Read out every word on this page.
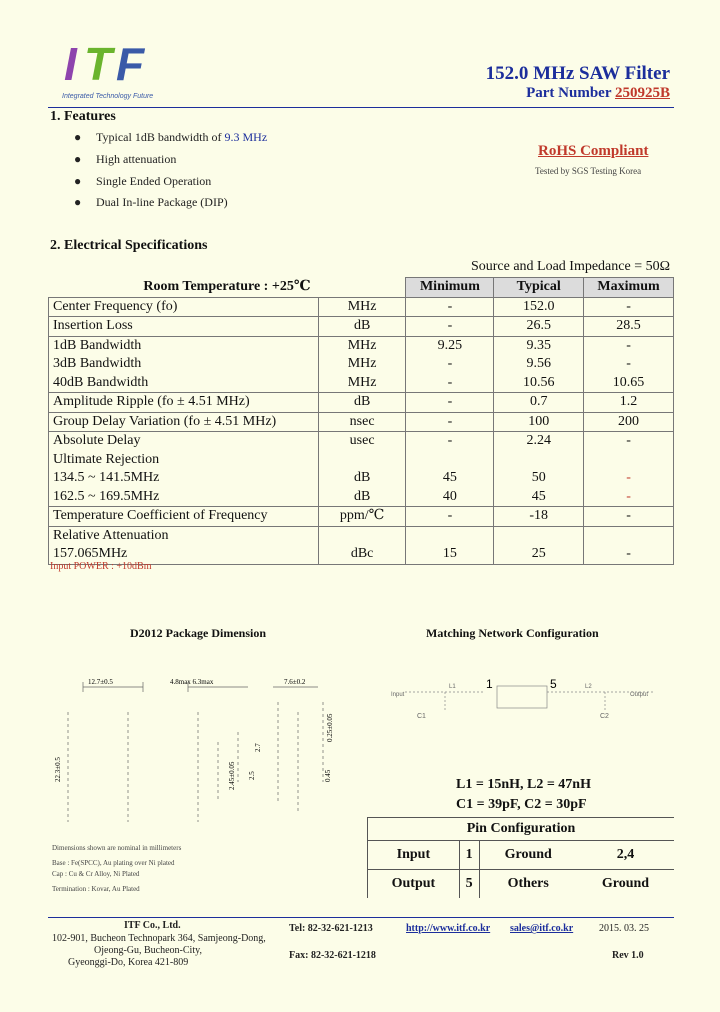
I T F
Integrated Technology Future
152.0 MHz SAW Filter
Part Number 250925B
1. Features
● Typical 1dB bandwidth of 9.3 MHz
● High attenuation
● Single Ended Operation
● Dual In-line Package (DIP)
RoHS Compliant
Tested by SGS Testing Korea
2. Electrical Specifications
Source and Load Impedance = 50Ω
Room Temperature : +25℃		Minimum	Typical	Maximum
Center Frequency (fo)	MHz	-	152.0	-
Insertion Loss	dB	-	26.5	28.5
1dB Bandwidth	MHz	9.25	9.35	-
3dB Bandwidth	MHz	-	9.56	-
40dB Bandwidth	MHz	-	10.56	10.65
Amplitude Ripple (fo ± 4.51 MHz)	dB	-	0.7	1.2
Group Delay Variation (fo ± 4.51 MHz)	nsec	-	100	200
Absolute Delay	usec	-	2.24	-
Ultimate Rejection				
134.5 ~ 141.5MHz	dB	45	50	-
162.5 ~ 169.5MHz	dB	40	45	-
Temperature Coefficient of Frequency	ppm/℃	-	-18	-
Relative Attenuation				
157.065MHz	dBc	15	25	-
Input POWER : +10dBm
D2012 Package Dimension
12.7±0.5	4.8max 6.3max	7.6±0.2
22.3±0.5	2.45±0.05 2.5
2.7
0.25±0.05
0.45
Dimensions shown are nominal in millimeters
Base : Fe(SPCC), Au plating over Ni plated
Cap : Cu & Cr Alloy, Ni Plated
Termination : Kovar, Au Plated
Matching Network Configuration
1	5
Input	Output
C1	C2
L1	L2
L1 = 15nH, L2 = 47nH
C1 = 39pF, C2 = 30pF
Pin Configuration			
Input	1	Ground	2,4
Output	5	Others	Ground
ITF Co., Ltd.
102-901, Bucheon Technopark 364, Samjeong-Dong,
Ojeong-Gu, Bucheon-City,
Gyeonggi-Do, Korea 421-809
Tel: 82-32-621-1213
Fax: 82-32-621-1218
http://www.itf.co.kr sales@itf.co.kr	2015. 03. 25
Rev 1.0
